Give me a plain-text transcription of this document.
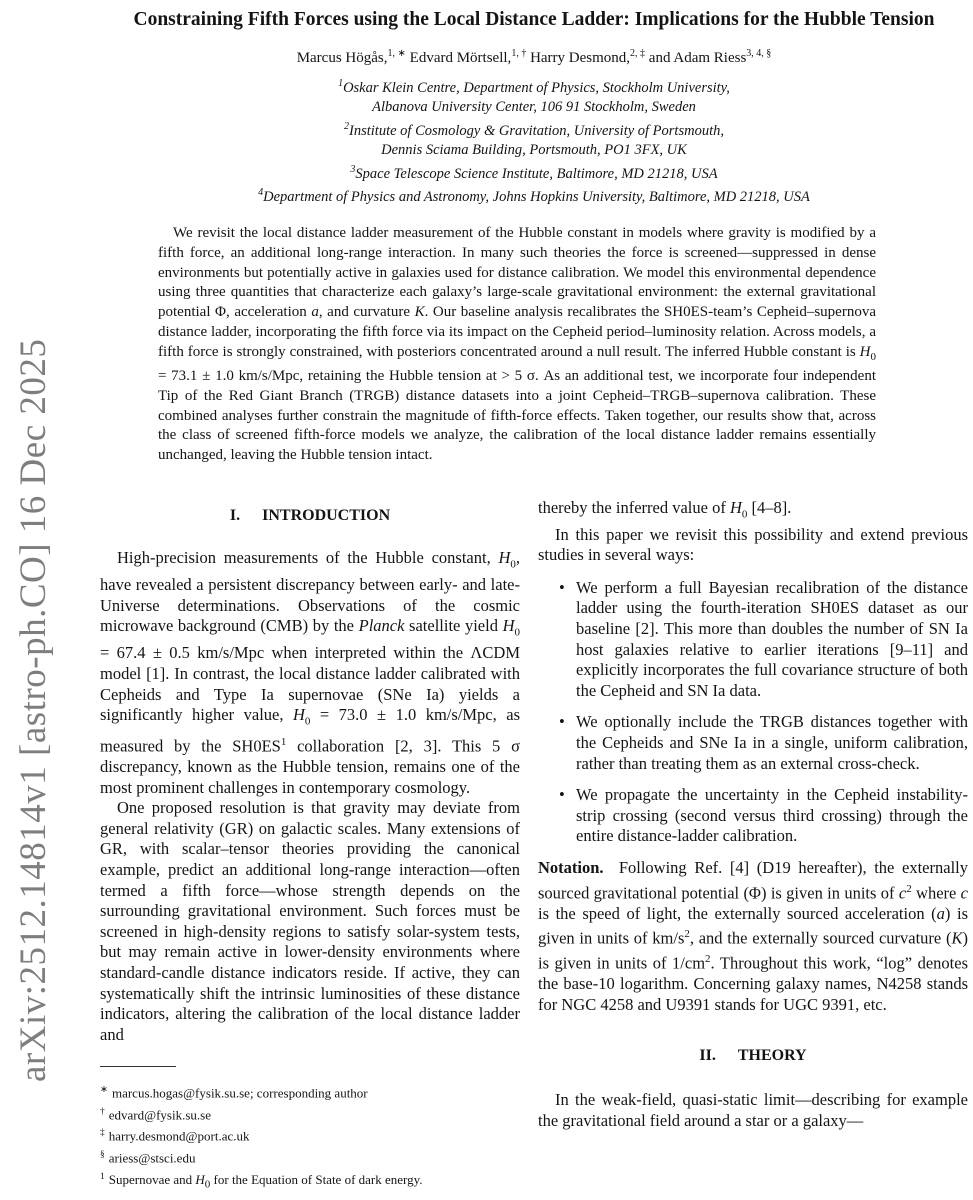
arXiv:2512.14814v1 [astro-ph.CO] 16 Dec 2025
Constraining Fifth Forces using the Local Distance Ladder: Implications for the Hubble Tension
Marcus Högås,$^{1, ∗}$ Edvard Mörtsell,$^{1, \dagger}$ Harry Desmond,$^{2, \ddagger}$ and Adam Riess$^{3, 4, \S}$
$^1$Oskar Klein Centre, Department of Physics, Stockholm University,
Albanova University Center, 106 91 Stockholm, Sweden
$^2$Institute of Cosmology & Gravitation, University of Portsmouth,
Dennis Sciama Building, Portsmouth, PO1 3FX, UK
$^3$Space Telescope Science Institute, Baltimore, MD 21218, USA
$^4$Department of Physics and Astronomy, Johns Hopkins University, Baltimore, MD 21218, USA
We revisit the local distance ladder measurement of the Hubble constant in models where gravity is modified by a fifth force, an additional long-range interaction. In many such theories the force is screened—suppressed in dense environments but potentially active in galaxies used for distance calibration. We model this environmental dependence using three quantities that characterize each galaxy’s large-scale gravitational environment: the external gravitational potential Φ, acceleration a, and curvature K. Our baseline analysis recalibrates the SH0ES-team’s Cepheid–supernova distance ladder, incorporating the fifth force via its impact on the Cepheid period–luminosity relation. Across models, a fifth force is strongly constrained, with posteriors concentrated around a null result. The inferred Hubble constant is $H_0 = 73.1 \pm 1.0$ km/s/Mpc, retaining the Hubble tension at > 5 σ. As an additional test, we incorporate four independent Tip of the Red Giant Branch (TRGB) distance datasets into a joint Cepheid–TRGB–supernova calibration. These combined analyses further constrain the magnitude of fifth-force effects. Taken together, our results show that, across the class of screened fifth-force models we analyze, the calibration of the local distance ladder remains essentially unchanged, leaving the Hubble tension intact.
I. INTRODUCTION

High-precision measurements of the Hubble constant, $H_0$, have revealed a persistent discrepancy between early- and late-Universe determinations. Observations of the cosmic microwave background (CMB) by the Planck satellite yield $H_0 = 67.4 \pm 0.5$ km/s/Mpc when interpreted within the ΛCDM model [1]. In contrast, the local distance ladder calibrated with Cepheids and Type Ia supernovae (SNe Ia) yields a significantly higher value, $H_0 = 73.0 \pm 1.0$ km/s/Mpc, as measured by the $SH0ES^1$ collaboration [2, 3]. This 5 σ discrepancy, known as the Hubble tension, remains one of the most prominent challenges in contemporary cosmology.

One proposed resolution is that gravity may deviate from general relativity (GR) on galactic scales. Many extensions of GR, with scalar–tensor theories providing the canonical example, predict an additional long-range interaction—often termed a fifth force—whose strength depends on the surrounding gravitational environment. Such forces must be screened in high-density regions to satisfy solar-system tests, but may remain active in lower-density environments where standard-candle distance indicators reside. If active, they can systematically shift the intrinsic luminosities of these distance indicators, altering the calibration of the local distance ladder and

thereby the inferred value of $H_0$ [4–8].

In this paper we revisit this possibility and extend previous studies in several ways:

• We perform a full Bayesian recalibration of the distance ladder using the fourth-iteration SH0ES dataset as our baseline [2]. This more than doubles the number of SN Ia host galaxies relative to earlier iterations [9–11] and explicitly incorporates the full covariance structure of both the Cepheid and SN Ia data.
• We optionally include the TRGB distances together with the Cepheids and SNe Ia in a single, uniform calibration, rather than treating them as an external cross-check.
• We propagate the uncertainty in the Cepheid instability-strip crossing (second versus third crossing) through the entire distance-ladder calibration.

Notation.  Following Ref. [4] (D19 hereafter), the externally sourced gravitational potential (Φ) is given in units of $c^2$ where c is the speed of light, the externally sourced acceleration (a) is given in units of $km/s^2$, and the externally sourced curvature (K) is given in units of $1/cm^2$. Throughout this work, “log” denotes the base-10 logarithm. Concerning galaxy names, N4258 stands for NGC 4258 and U9391 stands for UGC 9391, etc.

II. THEORY

In the weak-field, quasi-static limit—describing for example the gravitational field around a star or a galaxy—

∗ marcus.hogas@fysik.su.se; corresponding author
† edvard@fysik.su.se
‡ harry.desmond@port.ac.uk
§ ariess@stsci.edu
$^1$ Supernovae and $H_0$ for the Equation of State of dark energy.
